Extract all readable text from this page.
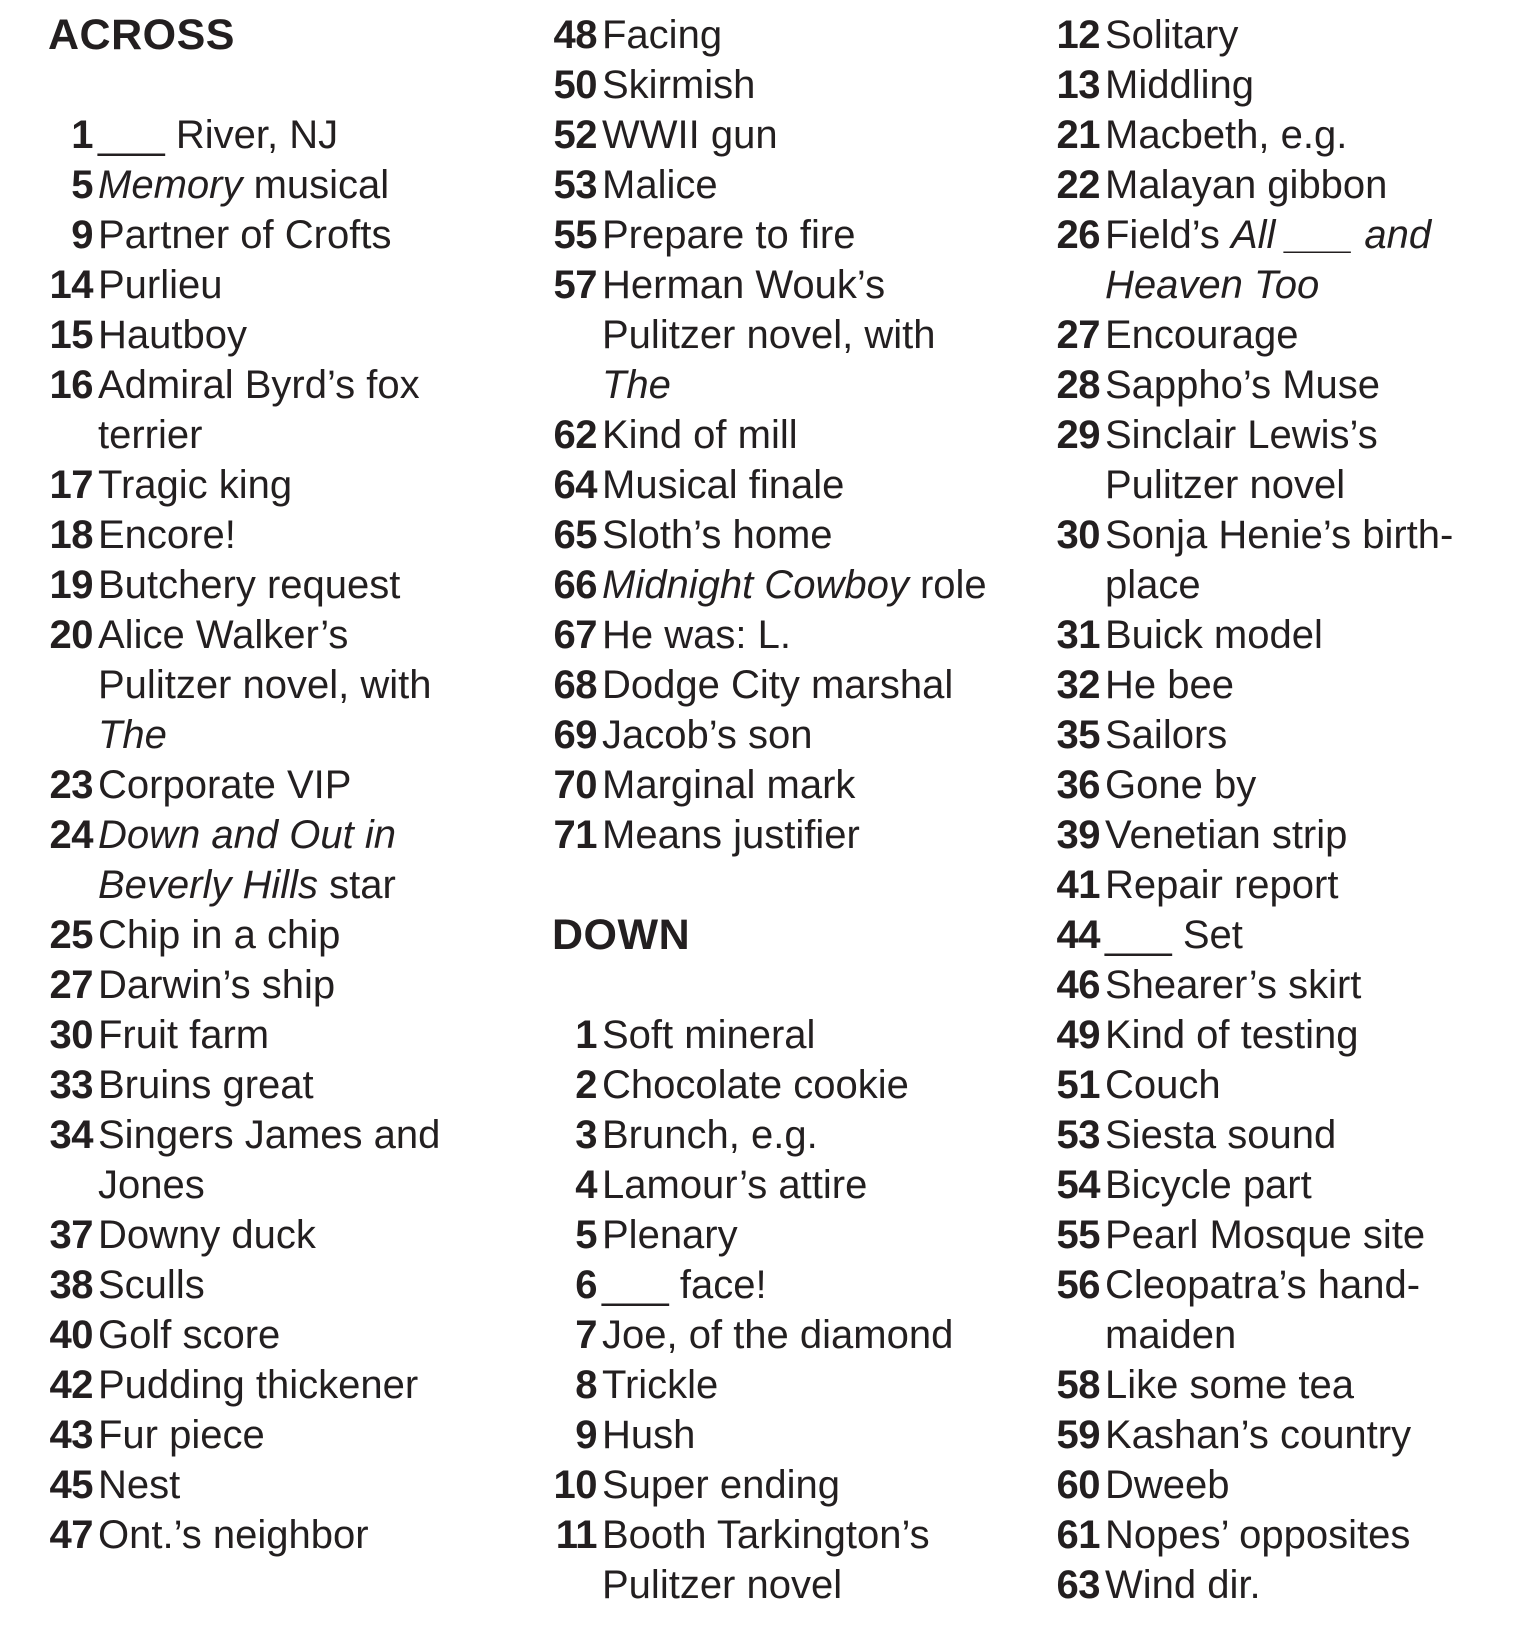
ACROSS
1 ___ River, NJ
5 Memory musical
9 Partner of Crofts
14 Purlieu
15 Hautboy
16 Admiral Byrd’s fox
terrier
17 Tragic king
18 Encore!
19 Butchery request
20 Alice Walker’s
Pulitzer novel, with
The
23 Corporate VIP
24 Down and Out in
Beverly Hills star
25 Chip in a chip
27 Darwin’s ship
30 Fruit farm
33 Bruins great
34 Singers James and
Jones
37 Downy duck
38 Sculls
40 Golf score
42 Pudding thickener
43 Fur piece
45 Nest
47 Ont.’s neighbor
48 Facing
50 Skirmish
52 WWII gun
53 Malice
55 Prepare to fire
57 Herman Wouk’s
Pulitzer novel, with
The
62 Kind of mill
64 Musical finale
65 Sloth’s home
66 Midnight Cowboy role
67 He was: L.
68 Dodge City marshal
69 Jacob’s son
70 Marginal mark
71 Means justifier
DOWN
1 Soft mineral
2 Chocolate cookie
3 Brunch, e.g.
4 Lamour’s attire
5 Plenary
6 ___ face!
7 Joe, of the diamond
8 Trickle
9 Hush
10 Super ending
11 Booth Tarkington’s
Pulitzer novel
12 Solitary
13 Middling
21 Macbeth, e.g.
22 Malayan gibbon
26 Field’s All ___ and
Heaven Too
27 Encourage
28 Sappho’s Muse
29 Sinclair Lewis’s
Pulitzer novel
30 Sonja Henie’s birth-
place
31 Buick model
32 He bee
35 Sailors
36 Gone by
39 Venetian strip
41 Repair report
44 ___ Set
46 Shearer’s skirt
49 Kind of testing
51 Couch
53 Siesta sound
54 Bicycle part
55 Pearl Mosque site
56 Cleopatra’s hand-
maiden
58 Like some tea
59 Kashan’s country
60 Dweeb
61 Nopes’ opposites
63 Wind dir.
